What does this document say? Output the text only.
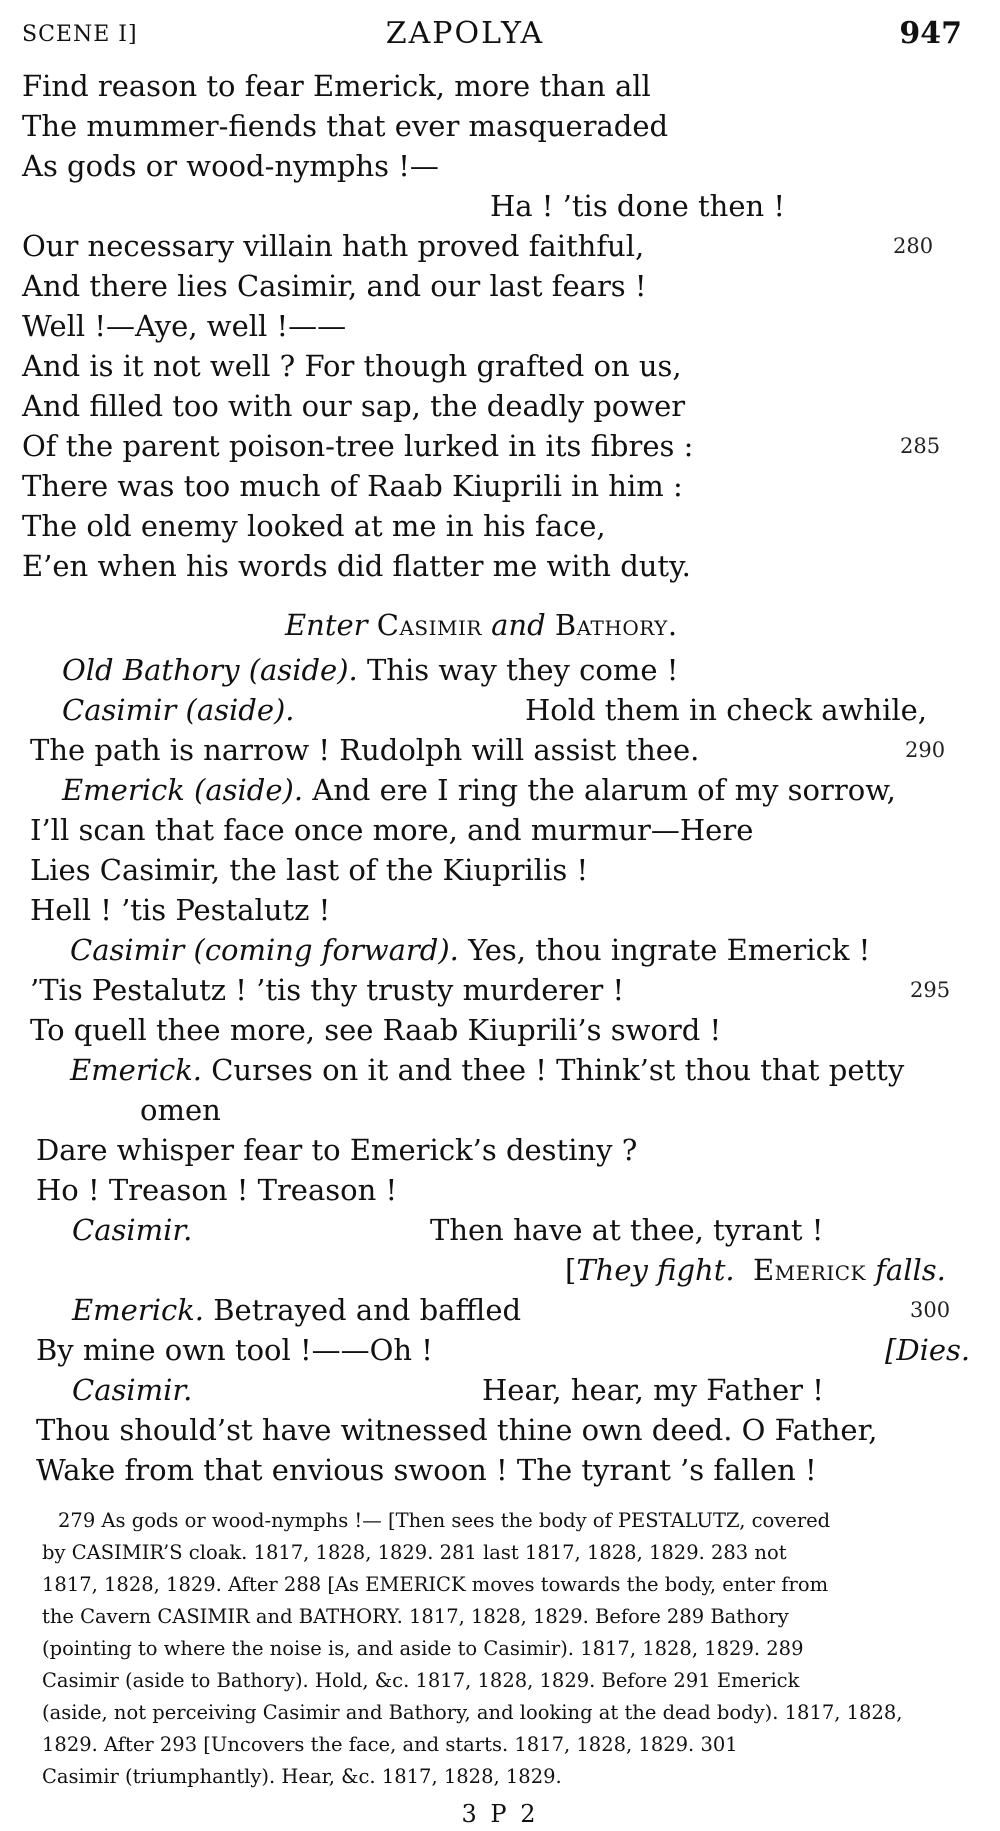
SCENE I]	ZAPOLYA	947
Find reason to fear Emerick, more than all
The mummer-fiends that ever masqueraded
As gods or wood-nymphs !—
Ha ! ’tis done then !
Our necessary villain hath proved faithful,	280
And there lies Casimir, and our last fears !
Well !—Aye, well !——
And is it not well ? For though grafted on us,
And filled too with our sap, the deadly power
Of the parent poison-tree lurked in its fibres :	285
There was too much of Raab Kiuprili in him :
The old enemy looked at me in his face,
E’en when his words did flatter me with duty.
Enter Casimir and Bathory.
Old Bathory (aside). This way they come !
Casimir (aside).	Hold them in check awhile,
The path is narrow ! Rudolph will assist thee.	290
Emerick (aside). And ere I ring the alarum of my sorrow,
I’ll scan that face once more, and murmur—Here
Lies Casimir, the last of the Kiuprilis !
Hell ! ’tis Pestalutz !
Casimir (coming forward). Yes, thou ingrate Emerick !
’Tis Pestalutz ! ’tis thy trusty murderer !	295
To quell thee more, see Raab Kiuprili’s sword !
Emerick. Curses on it and thee ! Think’st thou that petty
omen
Dare whisper fear to Emerick’s destiny ?
Ho ! Treason ! Treason !
Casimir.	Then have at thee, tyrant !
[They fight. Emerick falls.
Emerick. Betrayed and baffled	300
By mine own tool !——Oh !	[Dies.
Casimir.	Hear, hear, my Father !
Thou should’st have witnessed thine own deed. O Father,
Wake from that envious swoon ! The tyrant ’s fallen !
279 As gods or wood-nymphs !— [Then sees the body of PESTALUTZ, covered
by CASIMIR’S cloak. 1817, 1828, 1829. 281 last 1817, 1828, 1829. 283 not
1817, 1828, 1829. After 288 [As EMERICK moves towards the body, enter from
the Cavern CASIMIR and BATHORY. 1817, 1828, 1829. Before 289 Bathory
(pointing to where the noise is, and aside to Casimir). 1817, 1828, 1829. 289
Casimir (aside to Bathory). Hold, &c. 1817, 1828, 1829. Before 291 Emerick
(aside, not perceiving Casimir and Bathory, and looking at the dead body). 1817, 1828,
1829. After 293 [Uncovers the face, and starts. 1817, 1828, 1829. 301
Casimir (triumphantly). Hear, &c. 1817, 1828, 1829.
3 P 2
